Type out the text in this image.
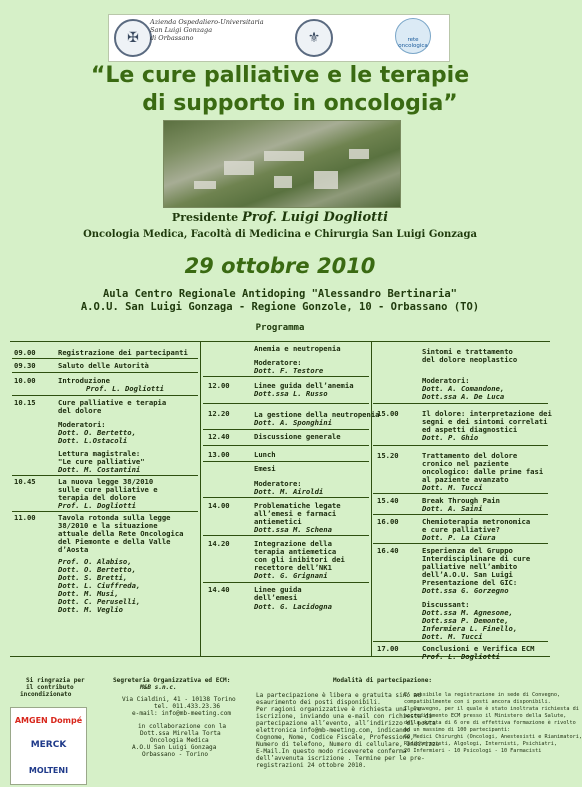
✠
Azienda Ospedaliero-Universitaria
San Luigi Gonzaga
di Orbassano	⚜	rete oncologica
“Le cure palliative e le terapie
di supporto in oncologia”
Presidente Prof. Luigi Dogliotti
Oncologia Medica, Facoltà di Medicina e Chirurgia San Luigi Gonzaga
29 ottobre 2010
Aula Centro Regionale Antidoping "Alessandro Bertinaria"
A.O.U. San Luigi Gonzaga - Regione Gonzole, 10 - Orbassano (TO)
Programma
09.00	Registrazione dei partecipanti
09.30	Saluto delle Autorità
10.00	Introduzione
Prof. L. Dogliotti
10.15	Cure palliative e terapia
del dolore
Moderatori:
Dott. O. Bertetto,
Dott. L.Ostacoli
Lettura magistrale:
"Le cure palliative"
Dott. M. Costantini
10.45	La nuova legge 38/2010
sulle cure palliative e
terapia del dolore
Prof. L. Dogliotti
11.00	Tavola rotonda sulla legge
38/2010 e la situazione
attuale della Rete Oncologica
del Piemonte e della Valle
d’Aosta
Prof. O. Alabiso,
Dott. O. Bertetto,
Dott. S. Bretti,
Dott. L. Ciuffreda,
Dott. M. Musi,
Dott. C. Peruselli,
Dott. M. Veglio
Anemia e neutropenia
Moderatore:
Dott. F. Testore
12.00	Linee guida dell’anemia
Dott.ssa L. Russo
12.20	La gestione della neutropenia
Dott. A. Sponghini
12.40	Discussione generale
13.00	Lunch
Emesi
Moderatore:
Dott. M. Airoldi
14.00	Problematiche legate
all’emesi e farmaci
antiemetici
Dott.ssa M. Schena
14.20	Integrazione della
terapia antiemetica
con gli inibitori dei
recettore dell’NK1
Dott. G. Grignani
14.40	Linee guida
dell’emesi
Dott. G. Lacidogna
Sintomi e trattamento
del dolore neoplastico
Moderatori:
Dott. A. Comandone,
Dott.ssa A. De Luca
15.00	Il dolore: interpretazione dei
segni e dei sintomi correlati
ed aspetti diagnostici
Dott. P. Ghio
15.20	Trattamento del dolore
cronico nel paziente
oncologico: dalle prime fasi
al paziente avanzato
Dott. M. Tucci
15.40	Break Through Pain
Dott. A. Saini
16.00	Chemioterapia metronomica
e cure palliative?
Dott. P. La Ciura
16.40	Esperienza del Gruppo
Interdisciplinare di cure
palliative nell’ambito
dell’A.O.U. San Luigi
Presentazione del GIC:
Dott.ssa G. Gorzegno
Discussant:
Dott.ssa M. Agnesone,
Dott.ssa P. Demonte,
Infermiera L. Finello,
Dott. M. Tucci
17.00	Conclusioni e Verifica ECM
Prof. L. Dogliotti
Si ringrazia per
il contributo
incondizionato
AMGEN Dompé
MERCK
MOLTENI
Segreteria Organizzativa ed ECM:
M&B s.n.c.
Via Cialdini, 41 - 10138 Torino
tel. 011.433.23.36
e-mail: info@mb-meeting.com
in collaborazione con la
Dott.ssa Mirella Torta
Oncologia Medica
A.O.U San Luigi Gonzaga
Orbassano - Torino
Modalità di partecipazione:
La partecipazione è libera e gratuita sino ad
esaurimento dei posti disponibili.
Per ragioni organizzative è richiesta una pre-
iscrizione, inviando una e-mail con richiesta di
partecipazione all’evento, all’indirizzo di posta
elettronica info@mb-meeting.com, indicando
Cognome, Nome, Codice Fiscale, Professione,
Numero di telefono, Numero di cellulare, Indirizzo
E-Mail.In questo modo riceverete conferma
dell’avvenuta iscrizione . Termine per le pre-
registrazioni 24 ottobre 2010.
E’ possibile la registrazione in sede di Convegno,
compatibilmente con i posti ancora disponibili.
Il Convegno, per il quale è stato inoltrata richiesta di
accreditamento ECM presso il Ministero della Salute,
della durata di 6 ore di effettiva formazione è rivolto
ad un massimo di 100 partecipanti:
60 Medici Chirurghi (Oncologi, Anestesisti e Rianimatori,
Radioterapisti, Algologi, Internisti, Psichiatri,
20 Infermieri - 10 Psicologi - 10 Farmacisti
